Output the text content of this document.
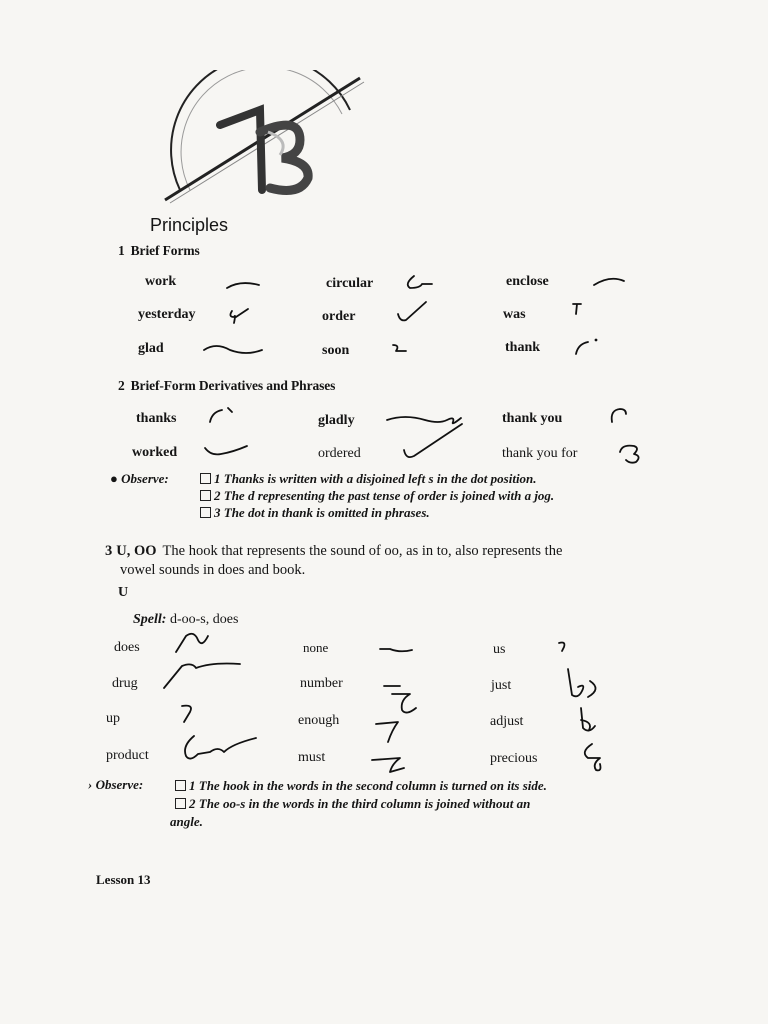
Principles
1 Brief Forms
work	circular	enclose
yesterday	order	was
glad	soon	thank
2 Brief-Form Derivatives and Phrases
thanks	gladly	thank you
worked	ordered	thank you for
● Observe:	1 Thanks is written with a disjoined left s in the dot position.
2 The d representing the past tense of order is joined with a jog.
3 The dot in thank is omitted in phrases.
3 U, OO The hook that represents the sound of oo, as in to, also represents the
vowel sounds in does and book.
U
Spell: d-oo-s, does
does	none	us
drug	number	just
up	enough	adjust
product	must	precious
› Observe:	1 The hook in the words in the second column is turned on its side.
2 The oo-s in the words in the third column is joined without an
angle.
Lesson 13
